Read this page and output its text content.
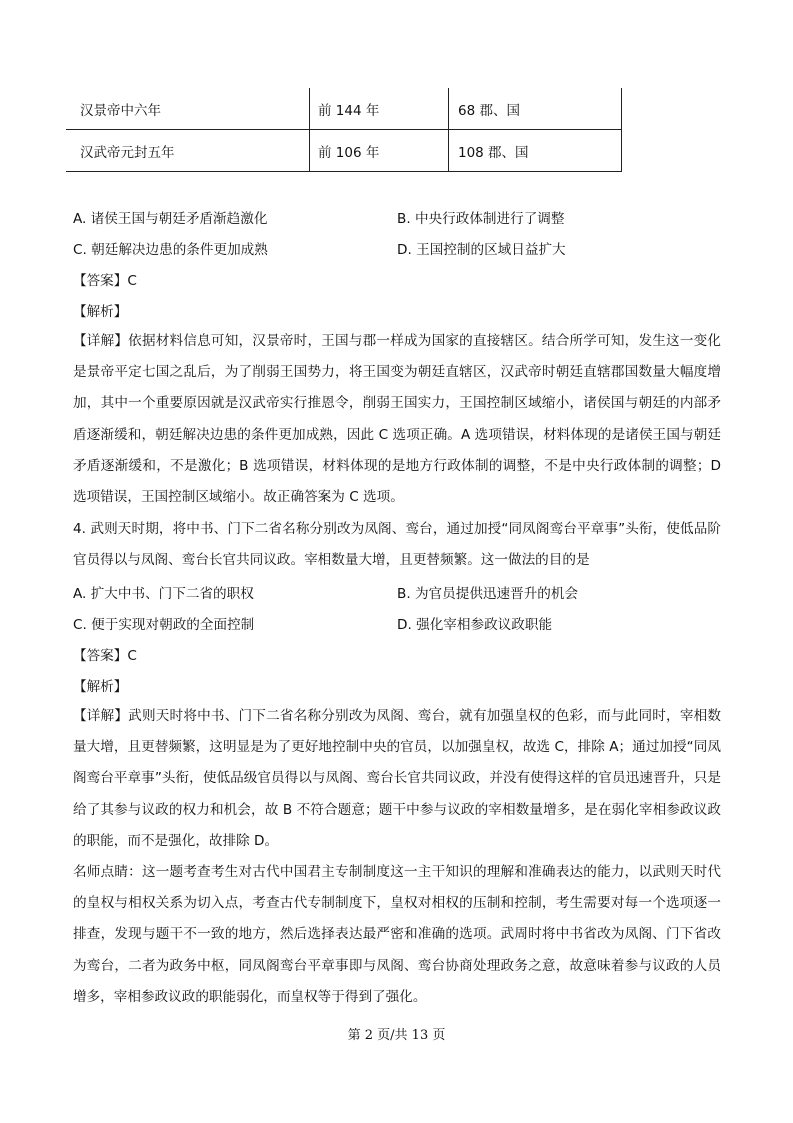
汉景帝中六年	前 144 年	68 郡、国
汉武帝元封五年	前 106 年	108 郡、国
A. 诸侯王国与朝廷矛盾渐趋激化	B. 中央行政体制进行了调整
C. 朝廷解决边患的条件更加成熟	D. 王国控制的区域日益扩大
【答案】C
【解析】
【详解】依据材料信息可知，汉景帝时，王国与郡一样成为国家的直接辖区。结合所学可知，发生这一变化是景帝平定七国之乱后，为了削弱王国势力，将王国变为朝廷直辖区，汉武帝时朝廷直辖郡国数量大幅度增加，其中一个重要原因就是汉武帝实行推恩令，削弱王国实力，王国控制区域缩小，诸侯国与朝廷的内部矛盾逐渐缓和，朝廷解决边患的条件更加成熟，因此 C 选项正确。A 选项错误，材料体现的是诸侯王国与朝廷矛盾逐渐缓和，不是激化；B 选项错误，材料体现的是地方行政体制的调整，不是中央行政体制的调整；D 选项错误，王国控制区域缩小。故正确答案为 C 选项。
4. 武则天时期，将中书、门下二省名称分别改为凤阁、鸾台，通过加授“同凤阁鸾台平章事”头衔，使低品阶官员得以与凤阁、鸾台长官共同议政。宰相数量大增，且更替频繁。这一做法的目的是
A. 扩大中书、门下二省的职权	B. 为官员提供迅速晋升的机会
C. 便于实现对朝政的全面控制	D. 强化宰相参政议政职能
【答案】C
【解析】
【详解】武则天时将中书、门下二省名称分别改为凤阁、鸾台，就有加强皇权的色彩，而与此同时，宰相数量大增，且更替频繁，这明显是为了更好地控制中央的官员，以加强皇权，故选 C，排除 A；通过加授“同凤阁鸾台平章事”头衔，使低品级官员得以与凤阁、鸾台长官共同议政，并没有使得这样的官员迅速晋升，只是给了其参与议政的权力和机会，故 B 不符合题意；题干中参与议政的宰相数量增多，是在弱化宰相参政议政的职能，而不是强化，故排除 D。
名师点睛：这一题考查考生对古代中国君主专制制度这一主干知识的理解和准确表达的能力，以武则天时代的皇权与相权关系为切入点，考查古代专制制度下，皇权对相权的压制和控制，考生需要对每一个选项逐一排查，发现与题干不一致的地方，然后选择表达最严密和准确的选项。武周时将中书省改为凤阁、门下省改为鸾台，二者为政务中枢，同凤阁鸾台平章事即与凤阁、鸾台协商处理政务之意，故意味着参与议政的人员增多，宰相参政议政的职能弱化，而皇权等于得到了强化。
第 2 页/共 13 页
